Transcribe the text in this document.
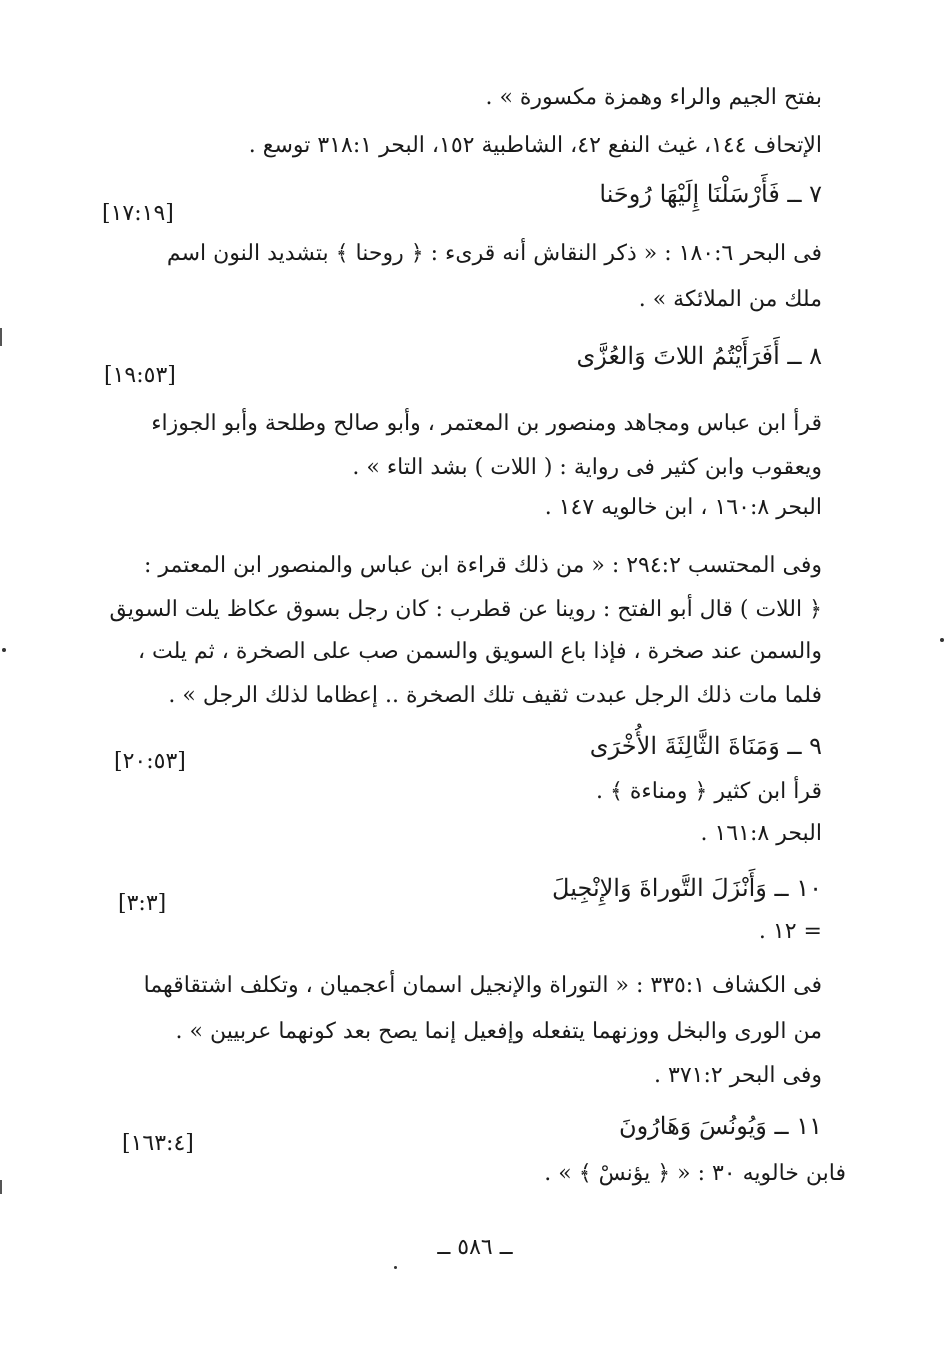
بفتح الجيم والراء وهمزة مكسورة » .
الإتحاف ١٤٤، غيث النفع ٤٢، الشاطبية ١٥٢، البحر ٣١٨:١ توسع .
٧ ــ فَأَرْسَلْنَا إِلَيْهَا رُوحَنا
[١٧:١٩]
فى البحر ١٨٠:٦ : « ذكر النقاش أنه قرىء : ﴿ روحنا ﴾ بتشديد النون اسم
ملك من الملائكة » .
٨ ــ أَفَرَأَيْتُمُ اللاتَ وَالعُزَّى
[١٩:٥٣]
قرأ ابن عباس ومجاهد ومنصور بن المعتمر ، وأبو صالح وطلحة وأبو الجوزاء
ويعقوب وابن كثير فى رواية : ( اللات ) بشد التاء » .
البحر ١٦٠:٨ ، ابن خالويه ١٤٧ .
وفى المحتسب ٢٩٤:٢ : « من ذلك قراءة ابن عباس والمنصور ابن المعتمر :
﴿ اللات ) قال أبو الفتح : روينا عن قطرب : كان رجل بسوق عكاظ يلت السويق
والسمن عند صخرة ، فإذا باع السويق والسمن صب على الصخرة ، ثم يلت ،
فلما مات ذلك الرجل عبدت ثقيف تلك الصخرة .. إعظاما لذلك الرجل » .
٩ ــ وَمَنَاةَ الثَّالِثَةَ الأُخْرَى
[٢٠:٥٣]
قرأ ابن كثير ﴿ ومناءة ﴾ .
البحر ١٦١:٨ .
١٠ ــ وَأَنْزَلَ التَّوراةَ وَالإِنْجِيلَ
[٣:٣]
= ١٢ .
فى الكشاف ٣٣٥:١ : « التوراة والإنجيل اسمان أعجميان ، وتكلف اشتقاقهما
من الورى والبخل ووزنهما يتفعله وإفعيل إنما يصح بعد كونهما عربيين » .
وفى البحر ٣٧١:٢ .
١١ ــ وَيُونُسَ وَهَارُونَ
[١٦٣:٤]
فابن خالويه ٣٠ : « ﴿ يؤنسْ ﴾ » .
ــ ٥٨٦ ــ
